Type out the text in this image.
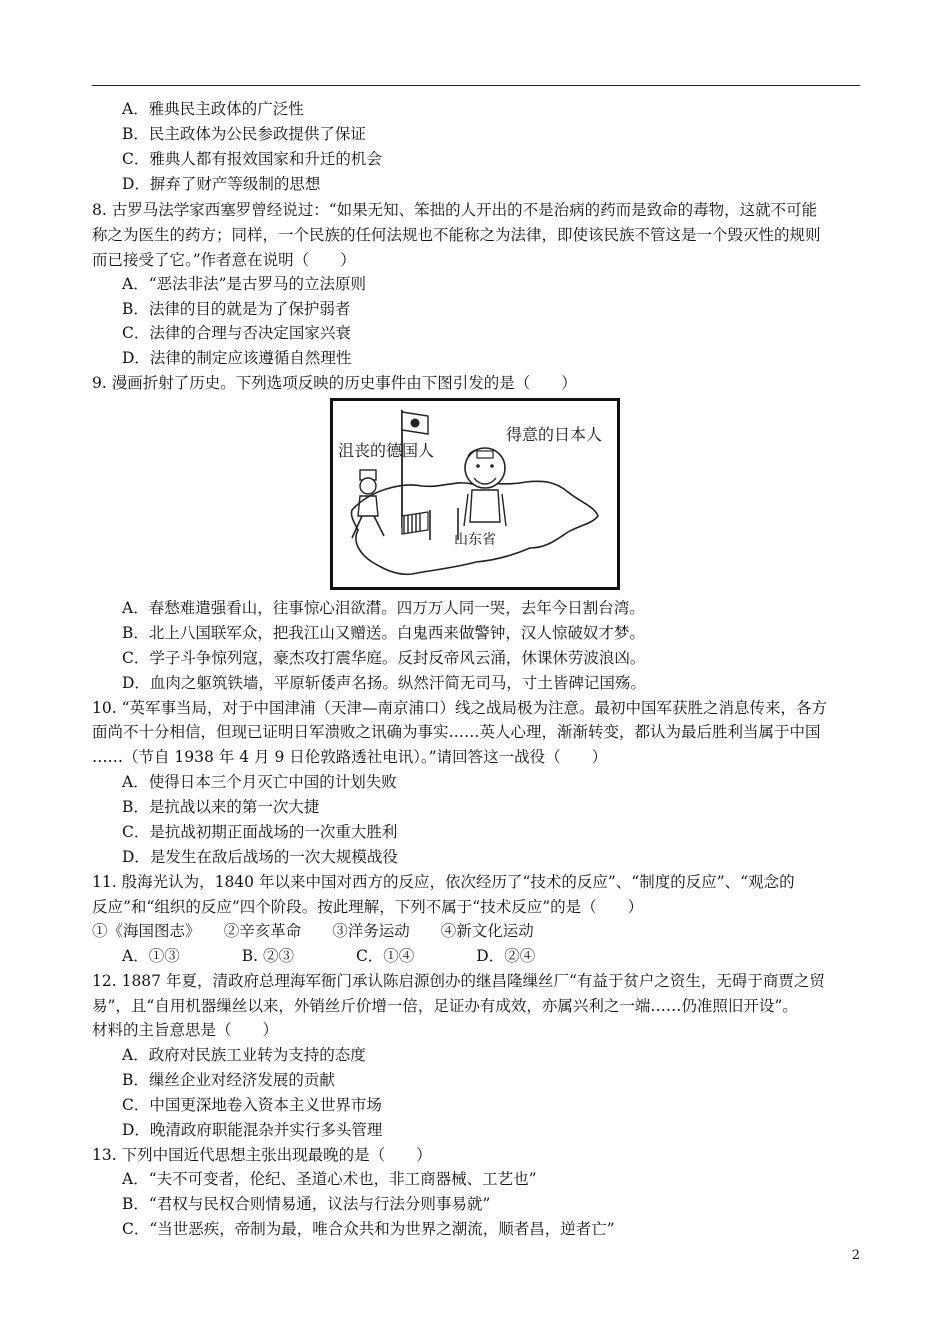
A．雅典民主政体的广泛性
B．民主政体为公民参政提供了保证
C．雅典人都有报效国家和升迁的机会
D．摒弃了财产等级制的思想
8. 古罗马法学家西塞罗曾经说过：“如果无知、笨拙的人开出的不是治病的药而是致命的毒物，这就不可能
称之为医生的药方；同样，一个民族的任何法规也不能称之为法律，即使该民族不管这是一个毁灭性的规则
而已接受了它。”作者意在说明（　　）
A．“恶法非法”是古罗马的立法原则
B．法律的目的就是为了保护弱者
C．法律的合理与否决定国家兴衰
D．法律的制定应该遵循自然理性
9. 漫画折射了历史。下列选项反映的历史事件由下图引发的是（　　）
沮丧的德国人
得意的日本人
山东省
A．春愁难遣强看山，往事惊心泪欲潸。四万万人同一哭，去年今日割台湾。
B．北上八国联军众，把我江山又赠送。白鬼西来做警钟，汉人惊破奴才梦。
C．学子斗争惊列寇，豪杰攻打震华庭。反封反帝风云涌，休课休劳波浪凶。
D．血肉之躯筑铁墙，平原斩倭声名扬。纵然汗简无司马，寸土皆碑记国殇。
10. “英军事当局，对于中国津浦（天津—南京浦口）线之战局极为注意。最初中国军获胜之消息传来，各方
面尚不十分相信，但现已证明日军溃败之讯确为事实……英人心理，渐渐转变，都认为最后胜利当属于中国
……（节自 1938 年 4 月 9 日伦敦路透社电讯）。”请回答这一战役（　　）
A．使得日本三个月灭亡中国的计划失败
B．是抗战以来的第一次大捷
C．是抗战初期正面战场的一次重大胜利
D．是发生在敌后战场的一次大规模战役
11. 殷海光认为，1840 年以来中国对西方的反应，依次经历了“技术的反应”、“制度的反应”、“观念的
反应”和“组织的反应”四个阶段。按此理解，下列不属于“技术反应”的是（　　）
①《海国图志》　　②辛亥革命　　③洋务运动　　④新文化运动
A．①③　　　　B. ②③　　　　C．①④　　　　D．②④
12. 1887 年夏，清政府总理海军衙门承认陈启源创办的继昌隆缫丝厂“有益于贫户之资生，无碍于商贾之贸
易”，且“自用机器缫丝以来，外销丝斤价增一倍，足证办有成效，亦属兴利之一端……仍准照旧开设”。
材料的主旨意思是（　　）
A．政府对民族工业转为支持的态度
B．缫丝企业对经济发展的贡献
C．中国更深地卷入资本主义世界市场
D．晚清政府职能混杂并实行多头管理
13. 下列中国近代思想主张出现最晚的是（　　）
A．“夫不可变者，伦纪、圣道心术也，非工商器械、工艺也”
B．“君权与民权合则情易通，议法与行法分则事易就”
C．“当世恶疾，帝制为最，唯合众共和为世界之潮流，顺者昌，逆者亡”
2
